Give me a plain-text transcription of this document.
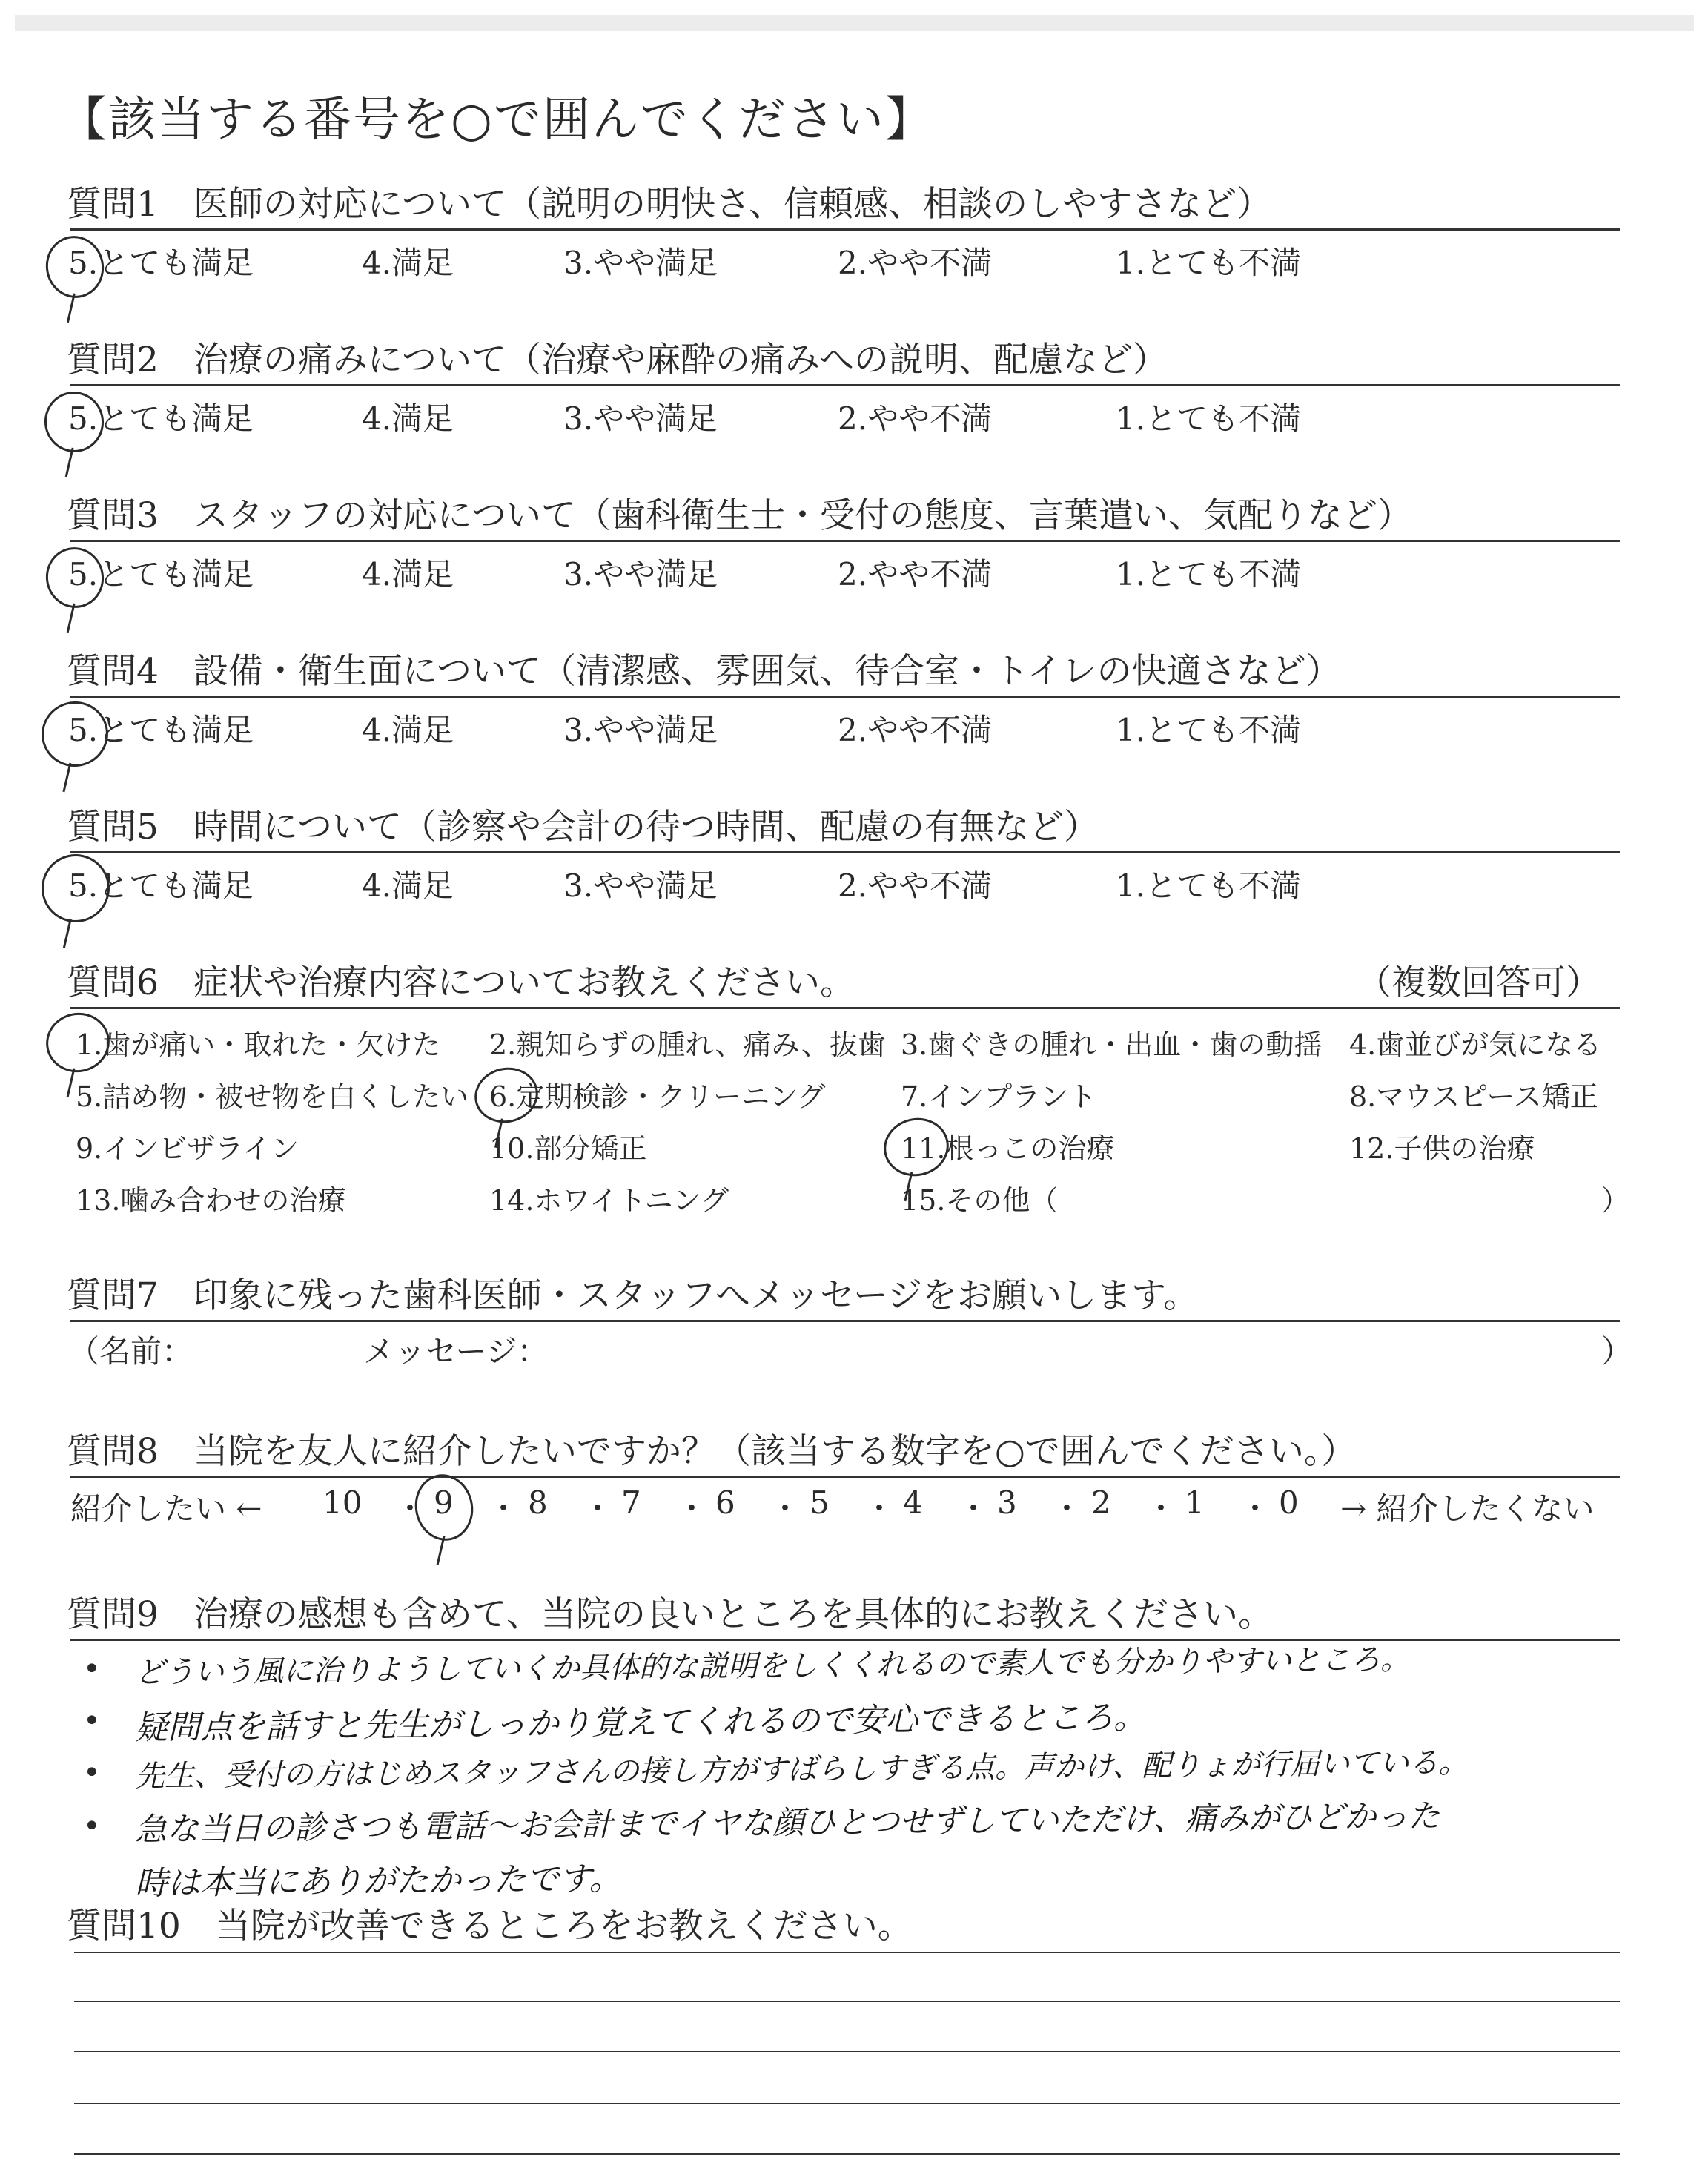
【該当する番号を○で囲んでください】
質問1　医師の対応について（説明の明快さ、信頼感、相談のしやすさなど）
5.とても満足	4.満足	3.やや満足	2.やや不満	1.とても不満
質問2　治療の痛みについて（治療や麻酔の痛みへの説明、配慮など）
5.とても満足	4.満足	3.やや満足	2.やや不満	1.とても不満
質問3　スタッフの対応について（歯科衛生士・受付の態度、言葉遣い、気配りなど）
5.とても満足	4.満足	3.やや満足	2.やや不満	1.とても不満
質問4　設備・衛生面について（清潔感、雰囲気、待合室・トイレの快適さなど）
5.とても満足	4.満足	3.やや満足	2.やや不満	1.とても不満
質問5　時間について（診察や会計の待つ時間、配慮の有無など）
5.とても満足	4.満足	3.やや満足	2.やや不満	1.とても不満
質問6　症状や治療内容についてお教えください。	（複数回答可）
1.歯が痛い・取れた・欠けた 2.親知らずの腫れ、痛み、抜歯 3.歯ぐきの腫れ・出血・歯の動揺 4.歯並びが気になる
5.詰め物・被せ物を白くしたい 6.定期検診・クリーニング	7.インプラント	8.マウスピース矯正
9.インビザライン	10.部分矯正	11.根っこの治療	12.子供の治療
13.噛み合わせの治療	14.ホワイトニング	15.その他（	）
質問7　印象に残った歯科医師・スタッフへメッセージをお願いします。
（名前：	メッセージ：	）
質問8　当院を友人に紹介したいですか？（該当する数字を○で囲んでください。）
紹介したい ←	→ 紹介したくない
10 ・ 9 ・ 8 ・ 7 ・ 6 ・ 5 ・ 4 ・ 3 ・ 2 ・ 1 ・ 0
質問9　治療の感想も含めて、当院の良いところを具体的にお教えください。
• どういう風に治りようしていくか具体的な説明をしくくれるので素人でも分かりやすいところ。
• 疑問点を話すと先生がしっかり覚えてくれるので安心できるところ。
• 先生、受付の方はじめスタッフさんの接し方がすばらしすぎる点。声かけ、配りょが行届いている。
• 急な当日の診さつも電話～お会計までイヤな顔ひとつせずしていただけ、痛みがひどかった
時は本当にありがたかったです。
質問10　当院が改善できるところをお教えください。
